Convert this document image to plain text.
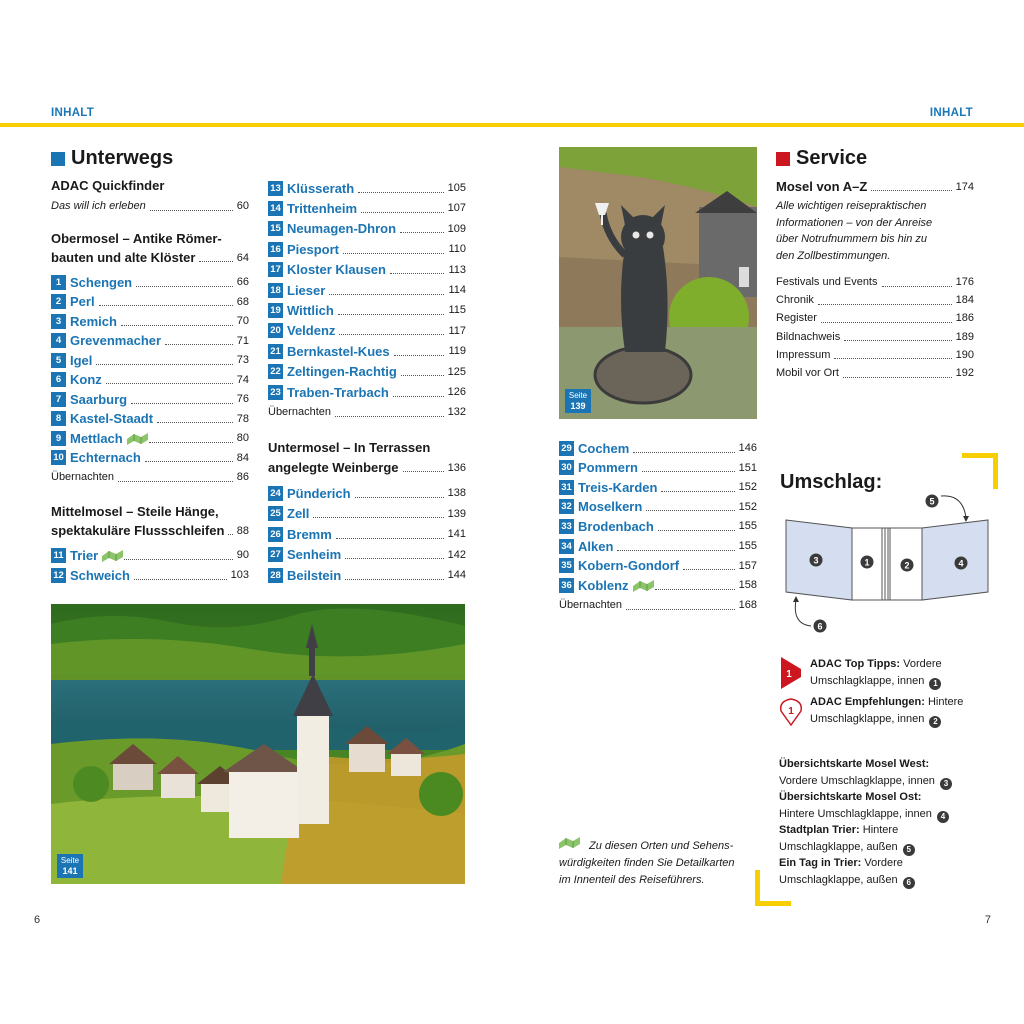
INHALT	INHALT
Unterwegs
ADAC Quickfinder
Das will ich erleben	60
Obermosel – Antike Römer-
bauten und alte Klöster	64
1 Schengen	66
2 Perl	68
3 Remich	70
4 Grevenmacher	71
5 Igel	73
6 Konz	74
7 Saarburg	76
8 Kastel-Staadt	78
9 Mettlach	80
10 Echternach	84
Übernachten	86
Mittelmosel – Steile Hänge,
spektakuläre Flussschleifen 88
11 Trier	90
12 Schweich	103
13 Klüsserath	105
14 Trittenheim	107
15 Neumagen-Dhron	109
16 Piesport	110
17 Kloster Klausen	113
18 Lieser	114
19 Wittlich	115
20 Veldenz	117
21 Bernkastel-Kues	119
22 Zeltingen-Rachtig	125
23 Traben-Trarbach	126
Übernachten	132
Untermosel – In Terrassen
angelegte Weinberge	136
24 Pünderich	138
25 Zell	139
26 Bremm	141
27 Senheim	142
28 Beilstein	144
29 Cochem	146
30 Pommern	151
31 Treis-Karden	152
32 Moselkern	152
33 Brodenbach	155
34 Alken	155
35 Kobern-Gondorf	157
36 Koblenz	158
Übernachten	168
Seite
141
Seite
139
Zu diesen Orten und Sehens-
würdigkeiten finden Sie Detailkarten
im Innenteil des Reiseführers.
Service
Mosel von A–Z	174
Alle wichtigen reisepraktischen
Informationen – von der Anreise
über Notrufnummern bis hin zu
den Zollbestimmungen.
Festivals und Events	176
Chronik	184
Register	186
Bildnachweis	189
Impressum	190
Mobil vor Ort	192
Umschlag:
3	1	2	4
5
6
1
ADAC Top Tipps: Vordere
Umschlagklappe, innen 1
1
ADAC Empfehlungen: Hintere
Umschlagklappe, innen 2
Übersichtskarte Mosel West:
Vordere Umschlagklappe, innen 3
Übersichtskarte Mosel Ost:
Hintere Umschlagklappe, innen 4
Stadtplan Trier: Hintere
Umschlagklappe, außen 5
Ein Tag in Trier: Vordere
Umschlagklappe, außen 6
6	7
